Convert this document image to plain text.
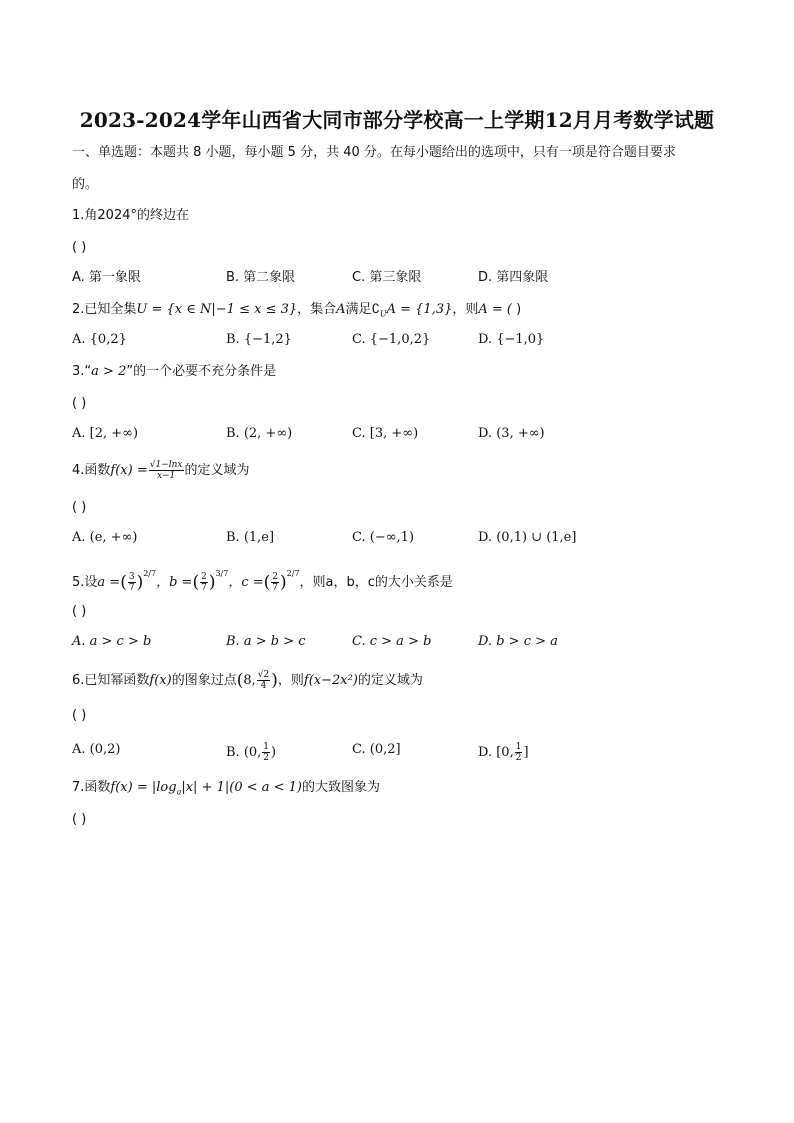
2023-2024学年山西省大同市部分学校高一上学期12月月考数学试题
一、单选题：本题共 8 小题，每小题 5 分，共 40 分。在每小题给出的选项中，只有一项是符合题目要求
的。
1.角2024°的终边在
( )
A. 第一象限	B. 第二象限	C. 第三象限	D. 第四象限
2.已知全集U = {x ∈ N|−1 ≤ x ≤ 3}，集合A满足$∁_UA = \{1,3\}$，则A = ( )
A. {0,2}	B. {−1,2}	C. {−1,0,2}	D. {−1,0}
3.“a > 2”的一个必要不充分条件是
( )
A. [2, +∞)	B. (2, +∞)	C. [3, +∞)	D. (3, +∞)
4.函数$f(x) = \frac{√1-\ln x}{x-1}$ 的定义域为
( )
A. (e, +∞)	B. (1,e]	C. (−∞,1)	D. (0,1) ∪ (1,e]
5.设a =( $\frac{3}{7} )^{2/7}$，b =( $\frac{2}{7} )^{3/7}$，c =( $\frac{2}{7} )^{2/7}$，则a，b，c的大小关系是
( )
A. a > c > b	B. a > b > c	C. c > a > b	D. b > c > a
6.已知幂函数f(x)的图象过点(8, $\frac{√2}{4}$ )，则f(x−2x²)的定义域为
( )
A. (0,2)	B. (0, $\frac{1}{2}$ )	C. (0,2]	D. [0, $\frac{1}{2}$ ]
7.函数$f(x) = |\log_a|x| + 1|(0 < a < 1)$的大致图象为
( )
